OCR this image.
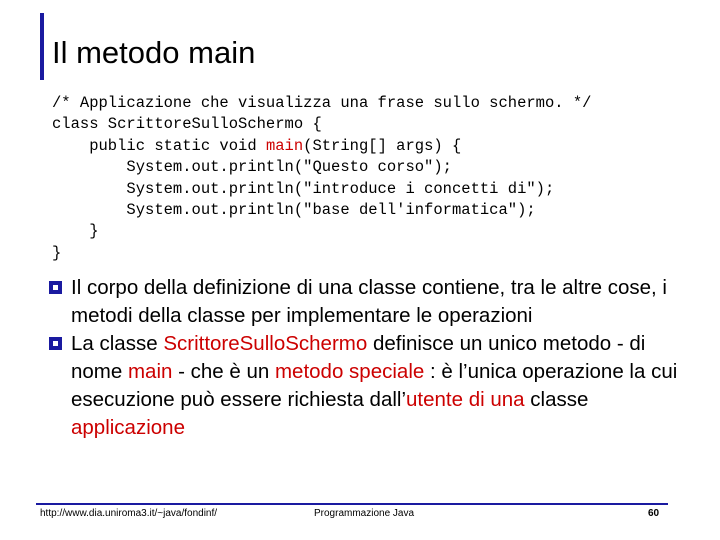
Il metodo main
/* Applicazione che visualizza una frase sullo schermo. */
class ScrittoreSulloSchermo {
public static void main(String[] args) {
System.out.println("Questo corso");
System.out.println("introduce i concetti di");
System.out.println("base dell'informatica");
}
}
Il corpo della definizione di una classe contiene, tra le altre cose, i metodi della classe per implementare le operazioni
La classe ScrittoreSulloSchermo definisce un unico metodo - di nome main - che è un metodo speciale : è l’unica operazione la cui esecuzione può essere richiesta dall’utente di una classe applicazione
http://www.dia.uniroma3.it/~java/fondinf/	Programmazione Java	60
